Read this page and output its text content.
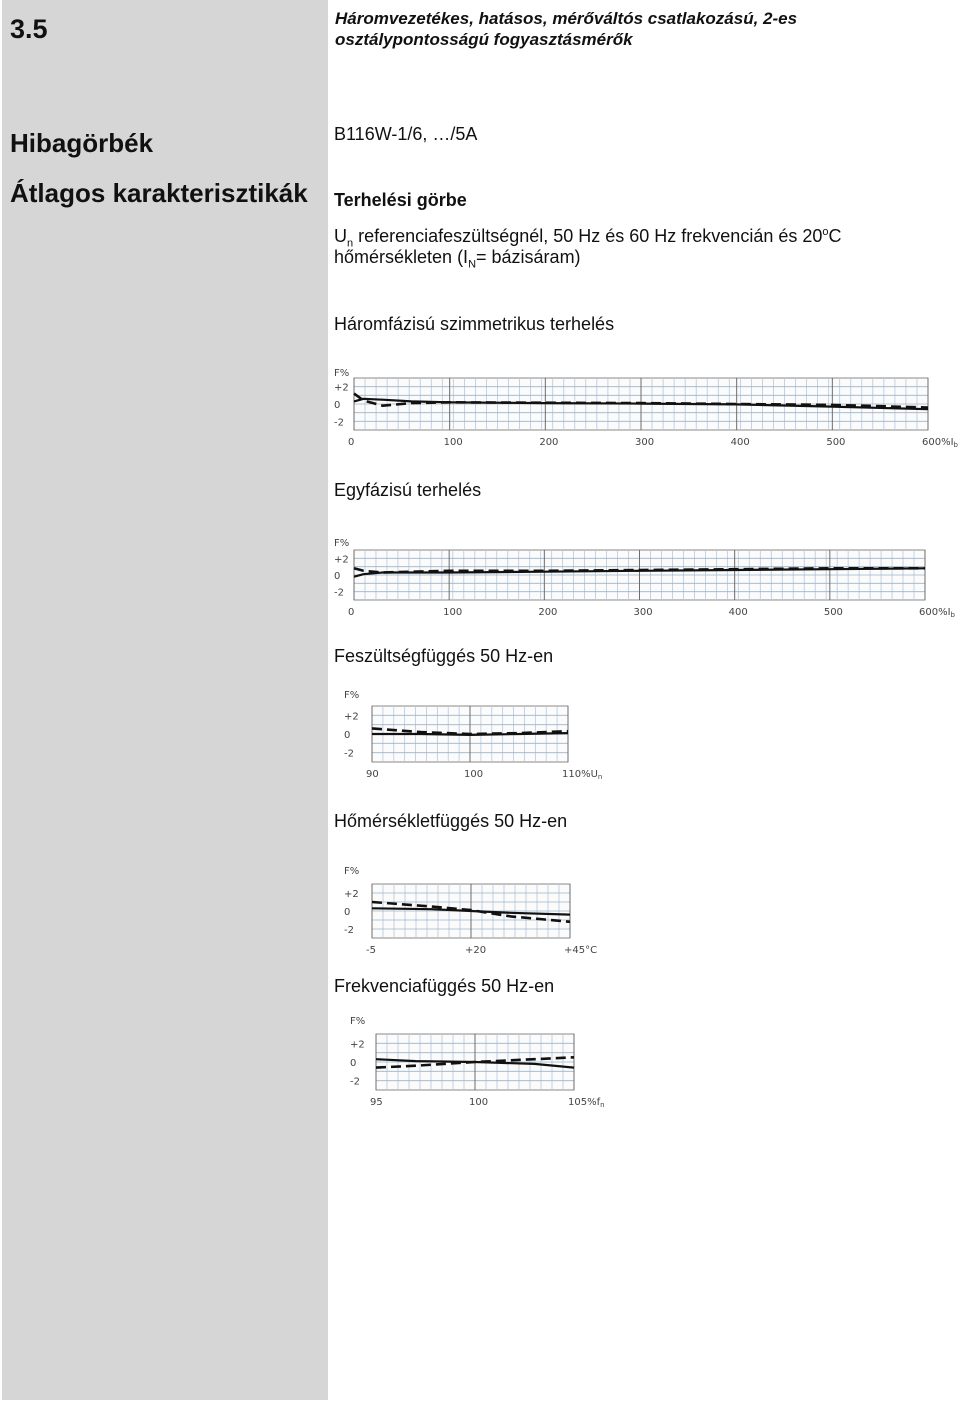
3.5
Hibagörbék
Átlagos karakterisztikák
Háromvezetékes, hatásos, mérőváltós csatlakozású, 2-es
osztálypontosságú fogyasztásmérők
B116W-1/6, …/5A
Terhelési görbe
$U_n$ referenciafeszültségnél, 50 Hz és 60 Hz frekvencián és 20$^o$C
hőmérsékleten ($I_N=$ bázisáram)
Háromfázisú szimmetrikus terhelés
F%
+2
0
-2
0	100	200	300	400	500	$600\%I_b$
Egyfázisú terhelés
F%
+2
0
-2
0	100	200	300	400	500	$600\%I_b$
Feszültségfüggés 50 Hz-en
F%
+2
0
-2
90	100	$110\%U_n$
Hőmérsékletfüggés 50 Hz-en
F%
+2
0
-2
-5	+20	+45°C
Frekvenciafüggés 50 Hz-en
F%
+2
0
-2
95	100	$105\%f_n$
